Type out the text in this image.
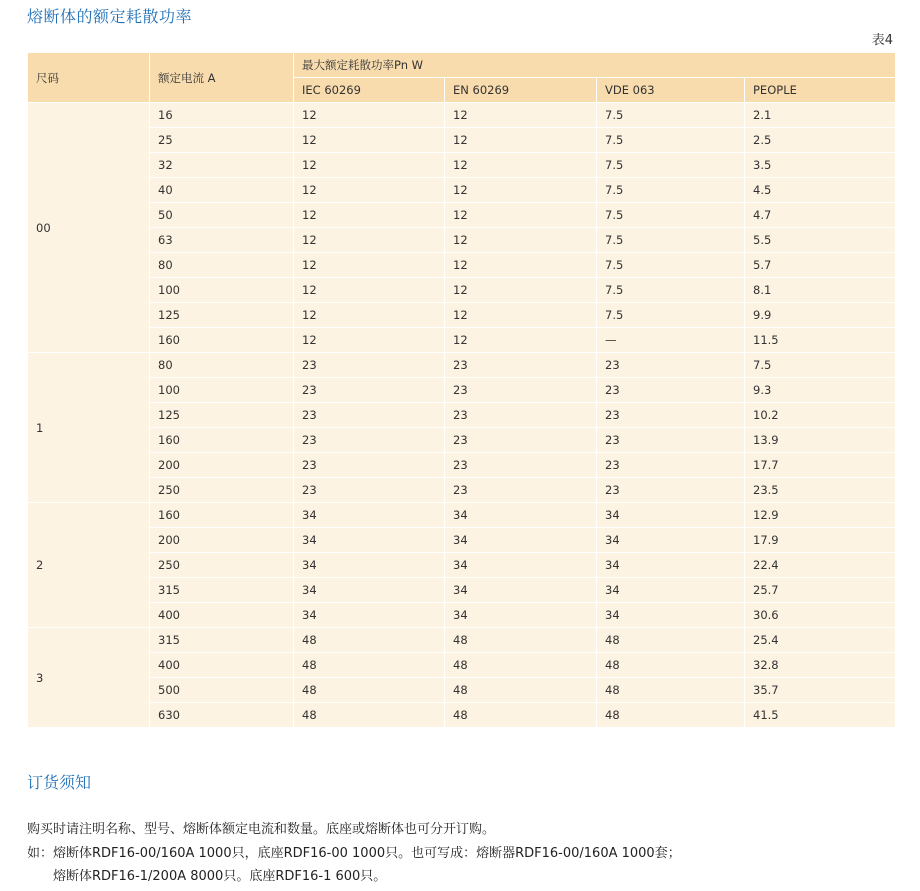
熔断体的额定耗散功率
表4
尺码	额定电流 A	最大额定耗散功率Pn W			
		IEC 60269	EN 60269	VDE 063	PEOPLE
00	16	12	12	7.5	2.1
	25	12	12	7.5	2.5
	32	12	12	7.5	3.5
	40	12	12	7.5	4.5
	50	12	12	7.5	4.7
	63	12	12	7.5	5.5
	80	12	12	7.5	5.7
	100	12	12	7.5	8.1
	125	12	12	7.5	9.9
	160	12	12	—	11.5
1	80	23	23	23	7.5
	100	23	23	23	9.3
	125	23	23	23	10.2
	160	23	23	23	13.9
	200	23	23	23	17.7
	250	23	23	23	23.5
2	160	34	34	34	12.9
	200	34	34	34	17.9
	250	34	34	34	22.4
	315	34	34	34	25.7
	400	34	34	34	30.6
3	315	48	48	48	25.4
	400	48	48	48	32.8
	500	48	48	48	35.7
	630	48	48	48	41.5
订货须知
购买时请注明名称、型号、熔断体额定电流和数量。底座或熔断体也可分开订购。
如：熔断体RDF16-00/160A 1000只，底座RDF16-00 1000只。也可写成：熔断器RDF16-00/160A 1000套；
熔断体RDF16-1/200A 8000只。底座RDF16-1 600只。
